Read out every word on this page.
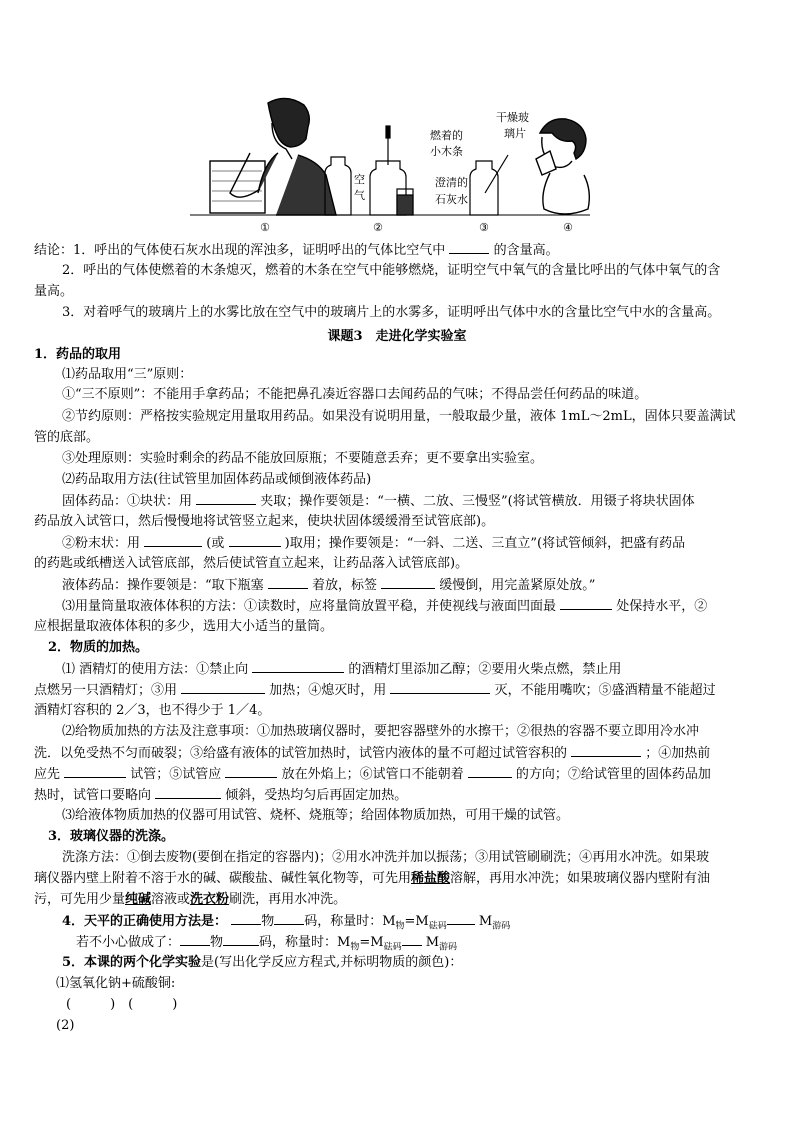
空
气
澄清的
石灰水
燃着的
小木条
干燥玻
璃片
①	②	③	④
结论：1．呼出的气体使石灰水出现的浑浊多，证明呼出的气体比空气中	的含量高。
2．呼出的气体使燃着的木条熄灭，燃着的木条在空气中能够燃烧，证明空气中氧气的含量比呼出的气体中氧气的含
量高。
3．对着呼气的玻璃片上的水雾比放在空气中的玻璃片上的水雾多，证明呼出气体中水的含量比空气中水的含量高。
课题3　走进化学实验室
1．药品的取用
⑴药品取用“三”原则：
①“三不原则”：不能用手拿药品；不能把鼻孔凑近容器口去闻药品的气味；不得品尝任何药品的味道。
②节约原则：严格按实验规定用量取用药品。如果没有说明用量，一般取最少量，液体 1mL～2mL，固体只要盖满试
管的底部。
③处理原则：实验时剩余的药品不能放回原瓶；不要随意丢弃；更不要拿出实验室。
⑵药品取用方法(往试管里加固体药品或倾倒液体药品)
固体药品：①块状：用	夹取；操作要领是：“一横、二放、三慢竖”(将试管横放．用镊子将块状固体
药品放入试管口，然后慢慢地将试管竖立起来，使块状固体缓缓滑至试管底部)。
②粉末状：用	(或	)取用；操作要领是：“一斜、二送、三直立”(将试管倾斜，把盛有药品
的药匙或纸槽送入试管底部，然后使试管直立起来，让药品落入试管底部)。
液体药品：操作要领是：“取下瓶塞	着放，标签	缓慢倒，用完盖紧原处放。”
⑶用量筒量取液体体积的方法：①读数时，应将量筒放置平稳，并使视线与液面凹面最	处保持水平，②
应根据量取液体体积的多少，选用大小适当的量筒。
2．物质的加热。
⑴ 酒精灯的使用方法：①禁止向	的酒精灯里添加乙醇；②要用火柴点燃，禁止用
点燃另一只酒精灯；③用	加热；④熄灭时，用	灭，不能用嘴吹；⑤盛酒精量不能超过
酒精灯容积的 2／3，也不得少于 1／4。
⑵给物质加热的方法及注意事项：①加热玻璃仪器时，要把容器壁外的水擦干；②很热的容器不要立即用冷水冲
洗．以免受热不匀而破裂；③给盛有液体的试管加热时，试管内液体的量不可超过试管容积的	；④加热前
应先	试管；⑤试管应	放在外焰上；⑥试管口不能朝着	的方向；⑦给试管里的固体药品加
热时，试管口要略向	倾斜，受热均匀后再固定加热。
⑶给液体物质加热的仪器可用试管、烧杯、烧瓶等；给固体物质加热，可用干燥的试管。
3．玻璃仪器的洗涤。
洗涤方法：①倒去废物(要倒在指定的容器内)；②用水冲洗并加以振荡；③用试管刷刷洗；④再用水冲洗。如果玻
璃仪器内壁上附着不溶于水的碱、碳酸盐、碱性氧化物等，可先用稀盐酸溶解，再用水冲洗；如果玻璃仪器内壁附有油
污，可先用少量纯碱溶液或洗衣粉刷洗，再用水冲洗。
4．天平的正确使用方法是：	物 码，称量时：$M_物=M_{砝码}$ $M_{游码}$
若不小心做成了： 物	码，称量时：$M_物=M_{砝码}$ $M_{游码}$
5．本课的两个化学实验是(写出化学反应方程式,并标明物质的颜色)：
⑴氢氧化钠+硫酸铜:
(　　　)　(　　　)
(2)
